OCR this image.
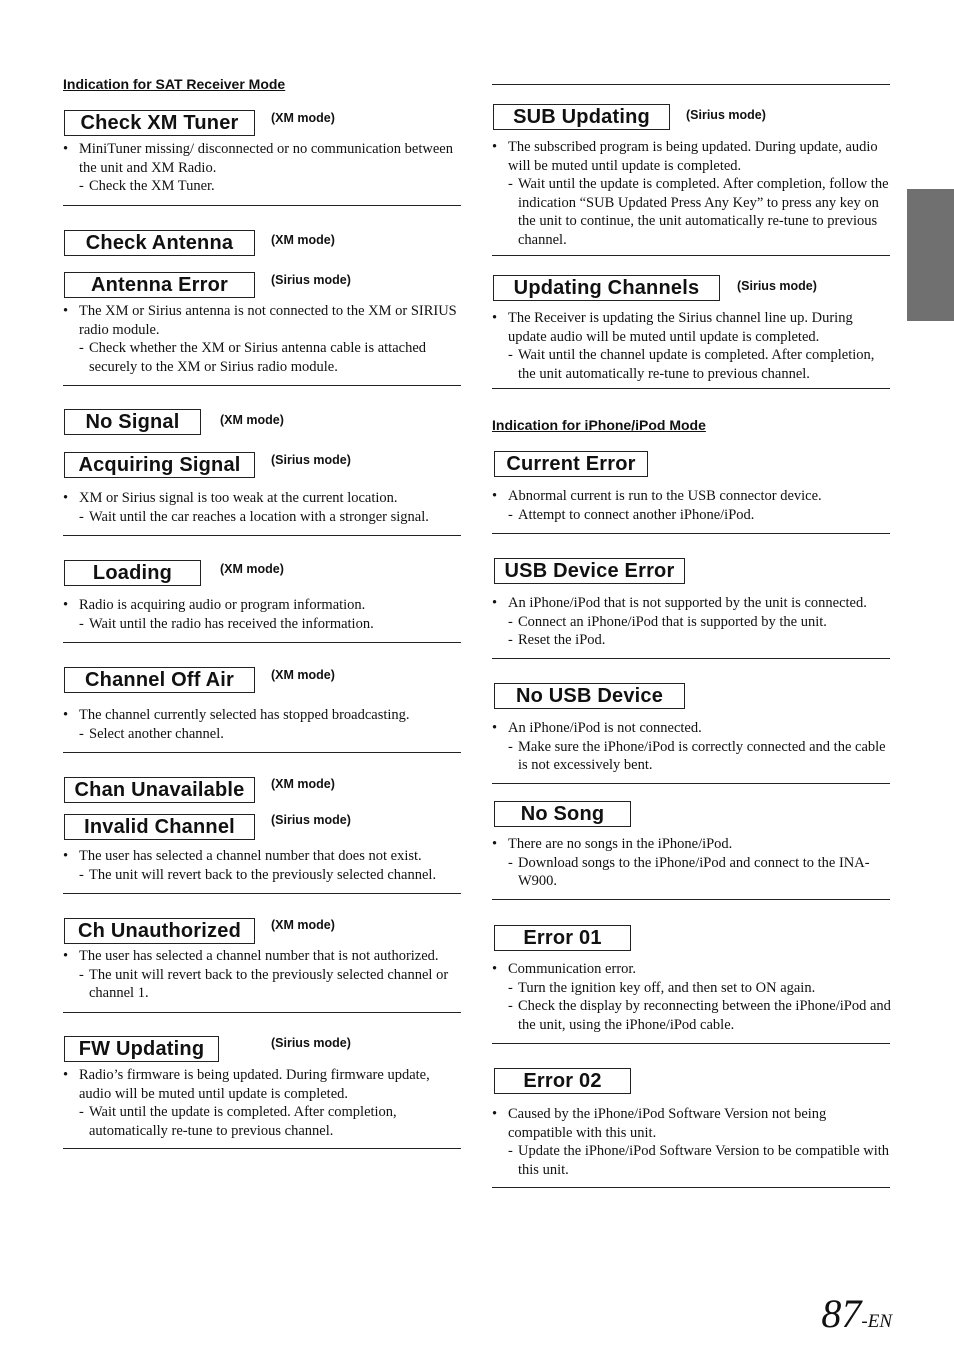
Indication for SAT Receiver Mode
Check XM Tuner	(XM mode)

• MiniTuner missing/ disconnected or no communication between the unit and XM Radio.

- Check the XM Tuner.

Check Antenna	(XM mode)
Antenna Error	(Sirius mode)

• The XM or Sirius antenna is not connected to the XM or SIRIUS radio module.

- Check whether the XM or Sirius antenna cable is attached securely to the XM or Sirius radio module.

No Signal	(XM mode)
Acquiring Signal	(Sirius mode)

• XM or Sirius signal is too weak at the current location.

- Wait until the car reaches a location with a stronger signal.

Loading	(XM mode)

• Radio is acquiring audio or program information.

- Wait until the radio has received the information.

Channel Off Air	(XM mode)

• The channel currently selected has stopped broadcasting.

- Select another channel.

Chan Unavailable	(XM mode)
Invalid Channel	(Sirius mode)

• The user has selected a channel number that does not exist.

- The unit will revert back to the previously selected channel.

Ch Unauthorized	(XM mode)

• The user has selected a channel number that is not authorized.

- The unit will revert back to the previously selected channel or channel 1.

FW Updating	(Sirius mode)

• Radio’s firmware is being updated. During firmware update, audio will be muted until update is completed.

- Wait until the update is completed. After completion, automatically re-tune to previous channel.

SUB Updating	(Sirius mode)

• The subscribed program is being updated. During update, audio will be muted until update is completed.

- Wait until the update is completed. After completion, follow the indication “SUB Updated Press Any Key” to press any key on the unit to continue, the unit automatically re-tune to previous channel.

Updating Channels	(Sirius mode)

• The Receiver is updating the Sirius channel line up. During update audio will be muted until update is completed.

- Wait until the channel update is completed. After completion, the unit automatically re-tune to previous channel.

Indication for iPhone/iPod Mode
Current Error

• Abnormal current is run to the USB connector device.

- Attempt to connect another iPhone/iPod.

USB Device Error

• An iPhone/iPod that is not supported by the unit is connected.

- Connect an iPhone/iPod that is supported by the unit.

- Reset the iPod.

No USB Device

• An iPhone/iPod is not connected.

- Make sure the iPhone/iPod is correctly connected and the cable is not excessively bent.

No Song

• There are no songs in the iPhone/iPod.

- Download songs to the iPhone/iPod and connect to the INA-W900.

Error 01

• Communication error.

- Turn the ignition key off, and then set to ON again.

- Check the display by reconnecting between the iPhone/iPod and the unit, using the iPhone/iPod cable.

Error 02

• Caused by the iPhone/iPod Software Version not being compatible with this unit.

- Update the iPhone/iPod Software Version to be compatible with this unit.

87-EN
